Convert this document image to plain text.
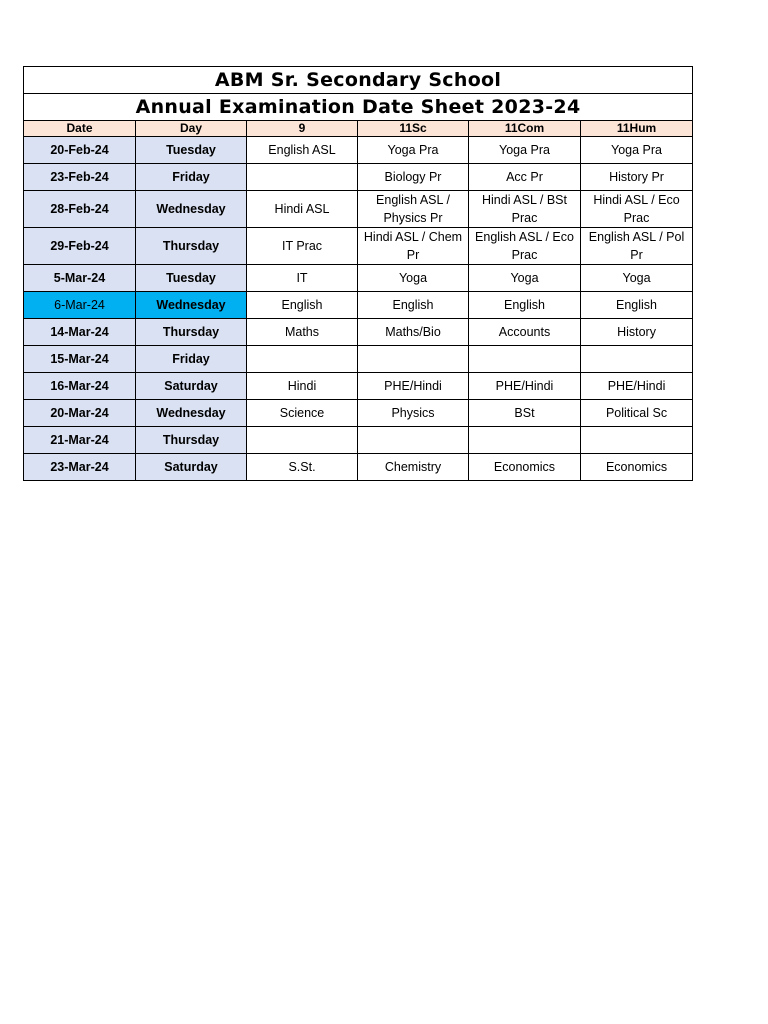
ABM Sr. Secondary School					
Annual Examination Date Sheet 2023-24					
Date	Day	9	11Sc	11Com	11Hum
20-Feb-24	Tuesday	English ASL	Yoga Pra	Yoga Pra	Yoga Pra
23-Feb-24	Friday		Biology Pr	Acc Pr	History Pr
28-Feb-24	Wednesday	Hindi ASL	English ASL / Physics Pr	Hindi ASL / BSt Prac	Hindi ASL / Eco Prac
29-Feb-24	Thursday	IT Prac	Hindi ASL / Chem Pr	English ASL / Eco Prac	English ASL / Pol Pr
5-Mar-24	Tuesday	IT	Yoga	Yoga	Yoga
6-Mar-24	Wednesday	English	English	English	English
14-Mar-24	Thursday	Maths	Maths/Bio	Accounts	History
15-Mar-24	Friday				
16-Mar-24	Saturday	Hindi	PHE/Hindi	PHE/Hindi	PHE/Hindi
20-Mar-24	Wednesday	Science	Physics	BSt	Political Sc
21-Mar-24	Thursday				
23-Mar-24	Saturday	S.St.	Chemistry	Economics	Economics
